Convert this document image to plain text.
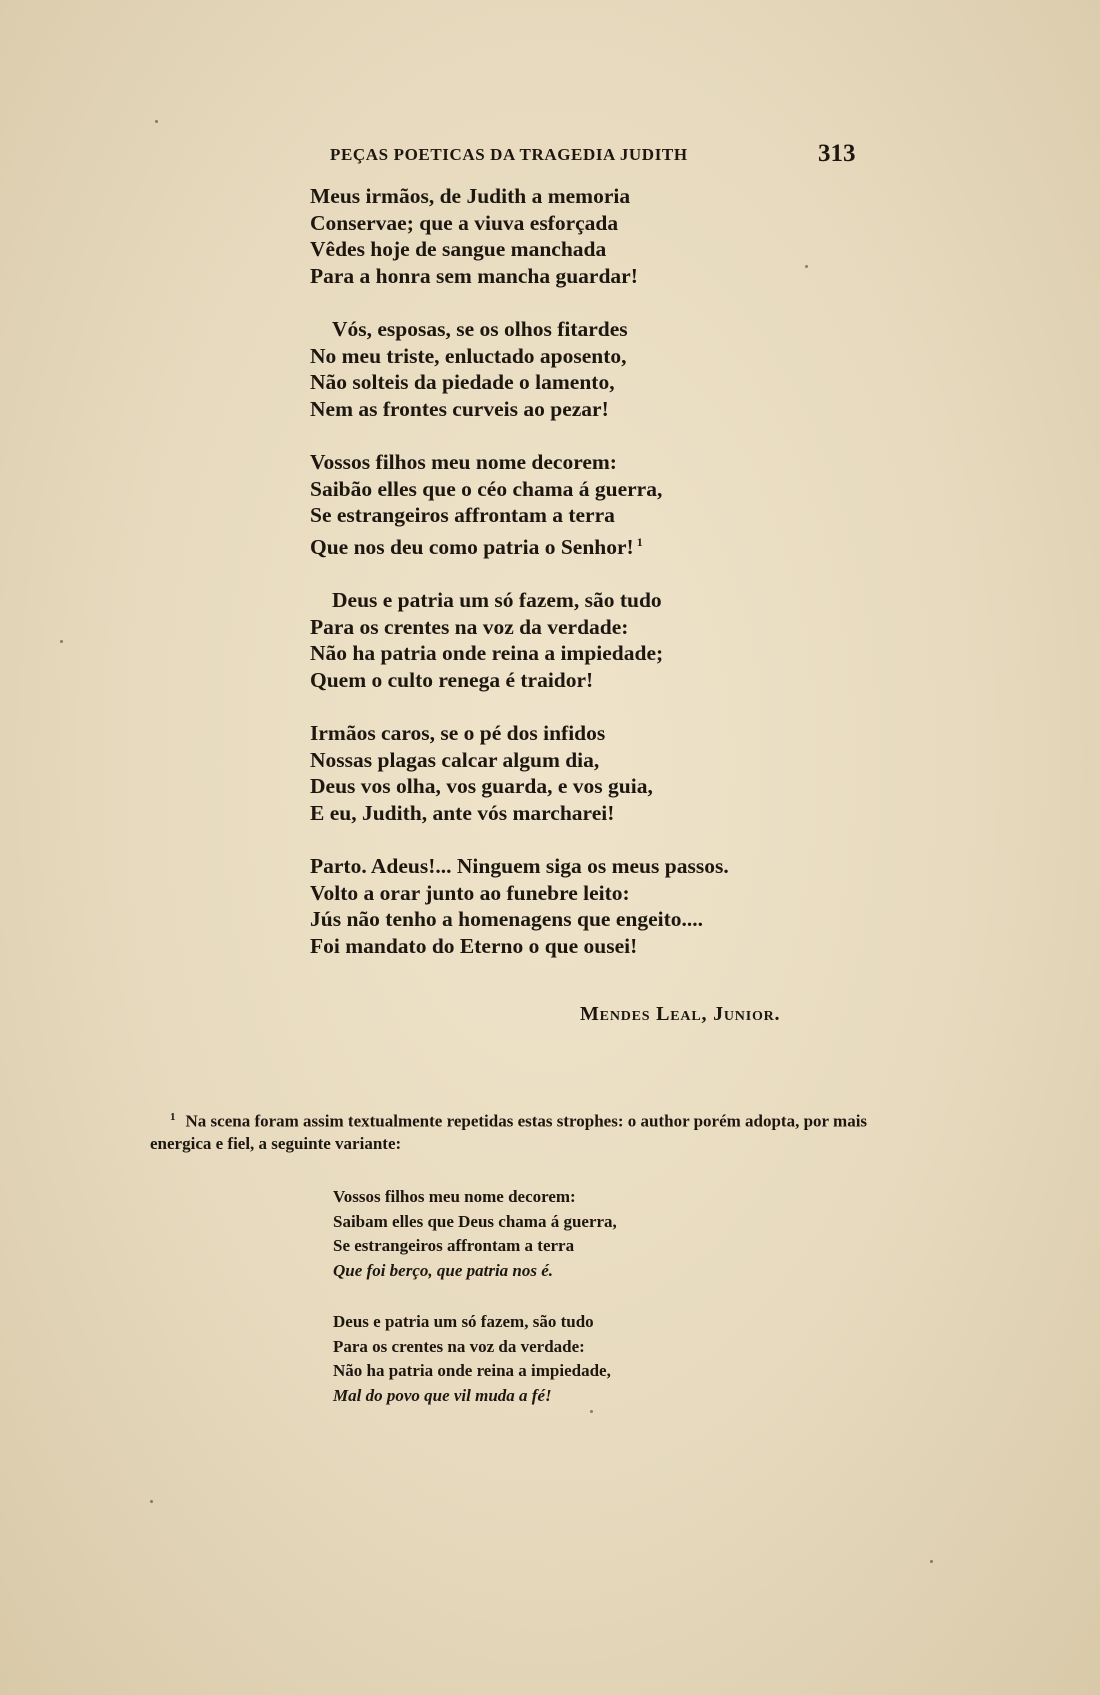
PEÇAS POETICAS DA TRAGEDIA JUDITH	313
Meus irmãos, de Judith a memoria
Conservae; que a viuva esforçada
Vêdes hoje de sangue manchada
Para a honra sem mancha guardar!
Vós, esposas, se os olhos fitardes
No meu triste, enluctado aposento,
Não solteis da piedade o lamento,
Nem as frontes curveis ao pezar!
Vossos filhos meu nome decorem:
Saibão elles que o céo chama á guerra,
Se estrangeiros affrontam a terra
Que nos deu como patria o Senhor! $^1$
Deus e patria um só fazem, são tudo
Para os crentes na voz da verdade:
Não ha patria onde reina a impiedade;
Quem o culto renega é traidor!
Irmãos caros, se o pé dos infidos
Nossas plagas calcar algum dia,
Deus vos olha, vos guarda, e vos guia,
E eu, Judith, ante vós marcharei!
Parto. Adeus!... Ninguem siga os meus passos.
Volto a orar junto ao funebre leito:
Jús não tenho a homenagens que engeito....
Foi mandato do Eterno o que ousei!
Mendes Leal, Junior.
$^1$ Na scena foram assim textualmente repetidas estas strophes: o author porém adopta, por mais energica e fiel, a seguinte variante:
Vossos filhos meu nome decorem:
Saibam elles que Deus chama á guerra,
Se estrangeiros affrontam a terra
Que foi berço, que patria nos é.
Deus e patria um só fazem, são tudo
Para os crentes na voz da verdade:
Não ha patria onde reina a impiedade,
Mal do povo que vil muda a fé!
